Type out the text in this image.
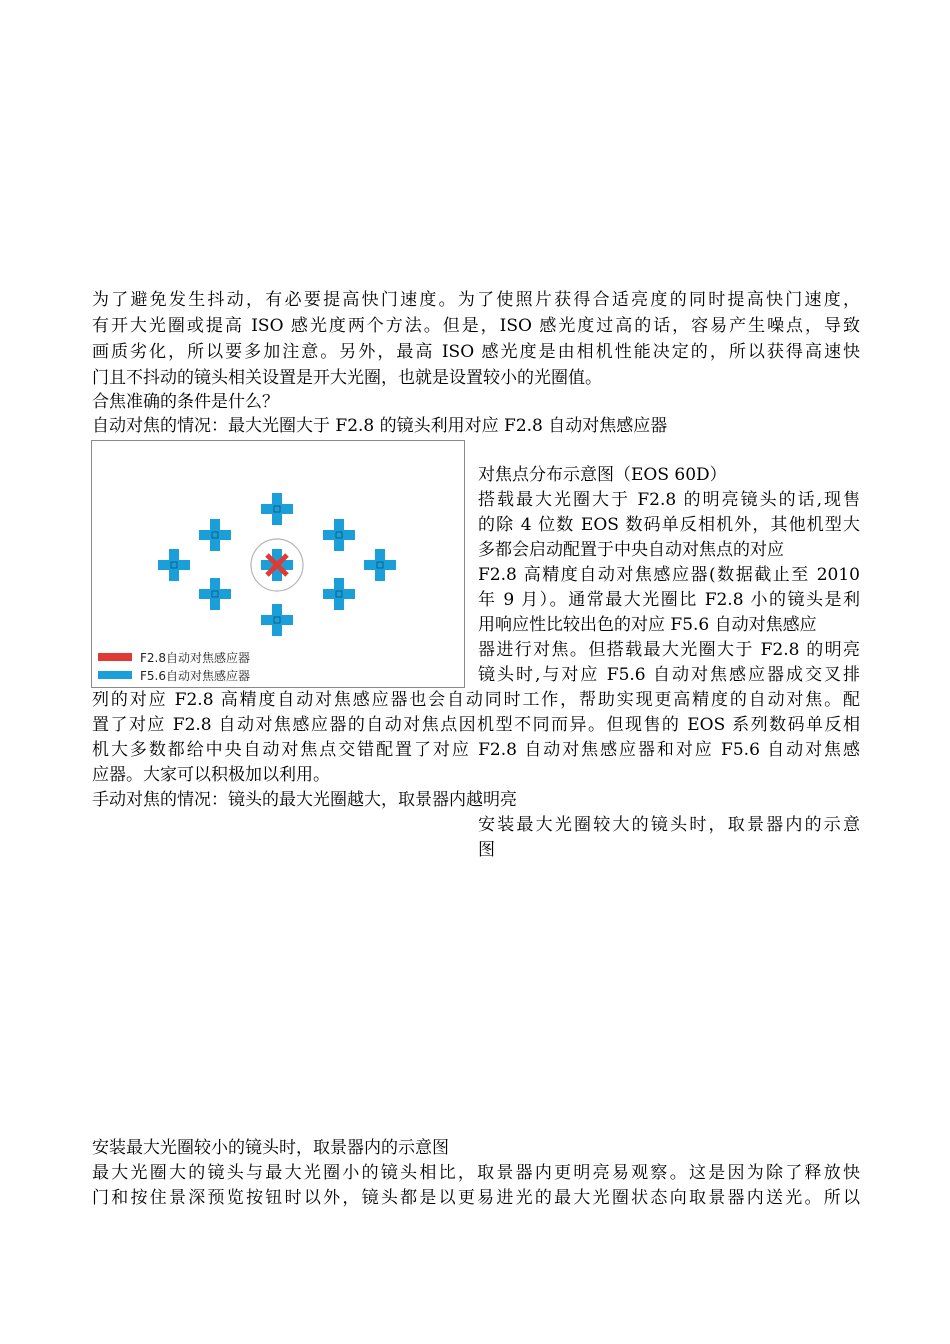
为了避免发生抖动，有必要提高快门速度。为了使照片获得合适亮度的同时提高快门速度，
有开大光圈或提高 ISO 感光度两个方法。但是，ISO 感光度过高的话，容易产生噪点，导致
画质劣化，所以要多加注意。另外，最高 ISO 感光度是由相机性能决定的，所以获得高速快
门且不抖动的镜头相关设置是开大光圈，也就是设置较小的光圈值。
合焦准确的条件是什么？
自动对焦的情况：最大光圈大于 F2.8 的镜头利用对应 F2.8 自动对焦感应器
F2.8自动对焦感应器
F5.6自动对焦感应器
对焦点分布示意图（EOS 60D）
搭载最大光圈大于 F2.8 的明亮镜头的话,现售
的除 4 位数 EOS 数码单反相机外，其他机型大
多都会启动配置于中央自动对焦点的对应
F2.8 高精度自动对焦感应器(数据截止至 2010
年 9 月）。通常最大光圈比 F2.8 小的镜头是利
用响应性比较出色的对应 F5.6 自动对焦感应
器进行对焦。但搭载最大光圈大于 F2.8 的明亮
镜头时,与对应 F5.6 自动对焦感应器成交叉排
列的对应 F2.8 高精度自动对焦感应器也会自动同时工作，帮助实现更高精度的自动对焦。配
置了对应 F2.8 自动对焦感应器的自动对焦点因机型不同而异。但现售的 EOS 系列数码单反相
机大多数都给中央自动对焦点交错配置了对应 F2.8 自动对焦感应器和对应 F5.6 自动对焦感
应器。大家可以积极加以利用。
手动对焦的情况：镜头的最大光圈越大，取景器内越明亮
安装最大光圈较大的镜头时，取景器内的示意
图
安装最大光圈较小的镜头时，取景器内的示意图
最大光圈大的镜头与最大光圈小的镜头相比，取景器内更明亮易观察。这是因为除了释放快
门和按住景深预览按钮时以外，镜头都是以更易进光的最大光圈状态向取景器内送光。所以
